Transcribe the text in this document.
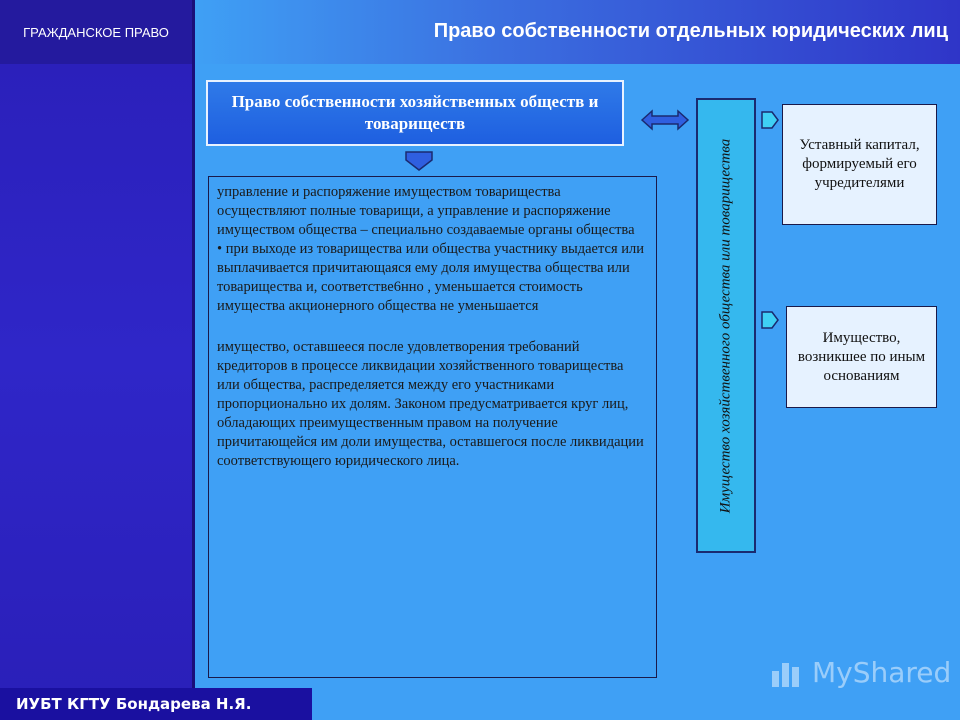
ГРАЖДАНСКОЕ ПРАВО	Право собственности отдельных юридических лиц
Право собственности хозяйственных обществ и товариществ

управление и распоряжение имуществом товарищества осуществляют полные товарищи, а управление и распоряжение имуществом общества – специально создаваемые органы общества

• при выходе из товарищества или общества участнику выдается или выплачивается причитающаяся ему доля имущества общества или товарищества и, соответстве6нно , уменьшается стоимость имущества акционерного общества не уменьшается

имущество, оставшееся после удовлетворения требований кредиторов в процессе ликвидации хозяйственного товарищества или общества, распределяется между его участниками пропорционально их долям. Законом предусматривается круг лиц, обладающих преимущественным правом на получение причитающейся им доли имущества, оставшегося после ликвидации соответствующего юридического лица.	Имущество хозяйственного общества или товарищества	Уставный капитал, формируемый его учредителями
Имущество, возникшее по иным основаниям
MyShared
ИУБТ КГТУ Бондарева Н.Я.
